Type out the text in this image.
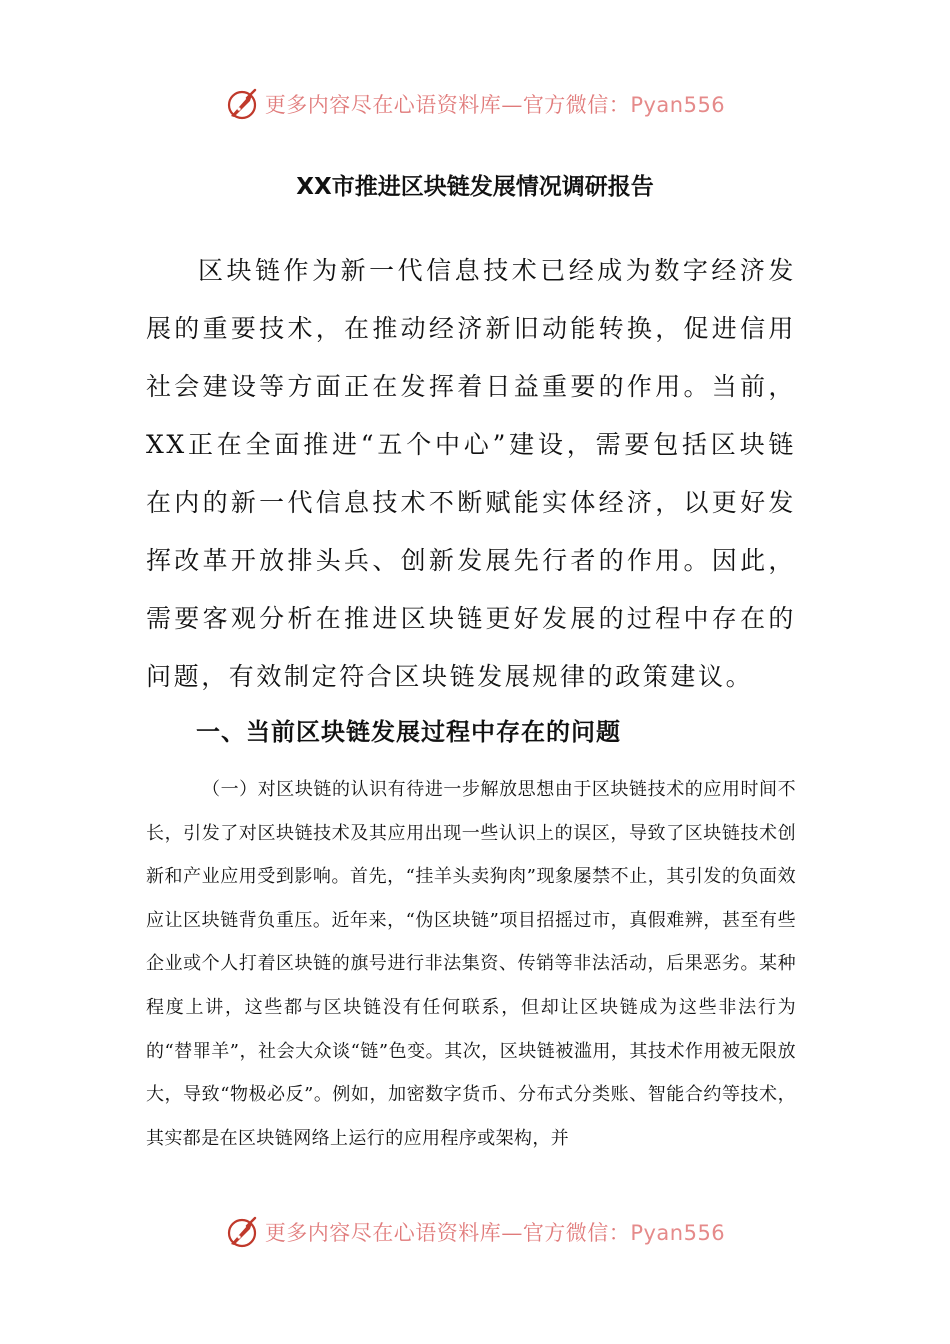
更多内容尽在心语资料库—官方微信：Pyan556
XX市推进区块链发展情况调研报告

区块链作为新一代信息技术已经成为数字经济发展的重要技术，在推动经济新旧动能转换，促进信用社会建设等方面正在发挥着日益重要的作用。当前，XX正在全面推进“五个中心”建设，需要包括区块链在内的新一代信息技术不断赋能实体经济，以更好发挥改革开放排头兵、创新发展先行者的作用。因此，需要客观分析在推进区块链更好发展的过程中存在的问题，有效制定符合区块链发展规律的政策建议。

一、当前区块链发展过程中存在的问题

（一）对区块链的认识有待进一步解放思想由于区块链技术的应用时间不长，引发了对区块链技术及其应用出现一些认识上的误区，导致了区块链技术创新和产业应用受到影响。首先，“挂羊头卖狗肉”现象屡禁不止，其引发的负面效应让区块链背负重压。近年来，“伪区块链”项目招摇过市，真假难辨，甚至有些企业或个人打着区块链的旗号进行非法集资、传销等非法活动，后果恶劣。某种程度上讲，这些都与区块链没有任何联系，但却让区块链成为这些非法行为的“替罪羊”，社会大众谈“链”色变。其次，区块链被滥用，其技术作用被无限放大，导致“物极必反”。例如，加密数字货币、分布式分类账、智能合约等技术，其实都是在区块链网络上运行的应用程序或架构，并

更多内容尽在心语资料库—官方微信：Pyan556
